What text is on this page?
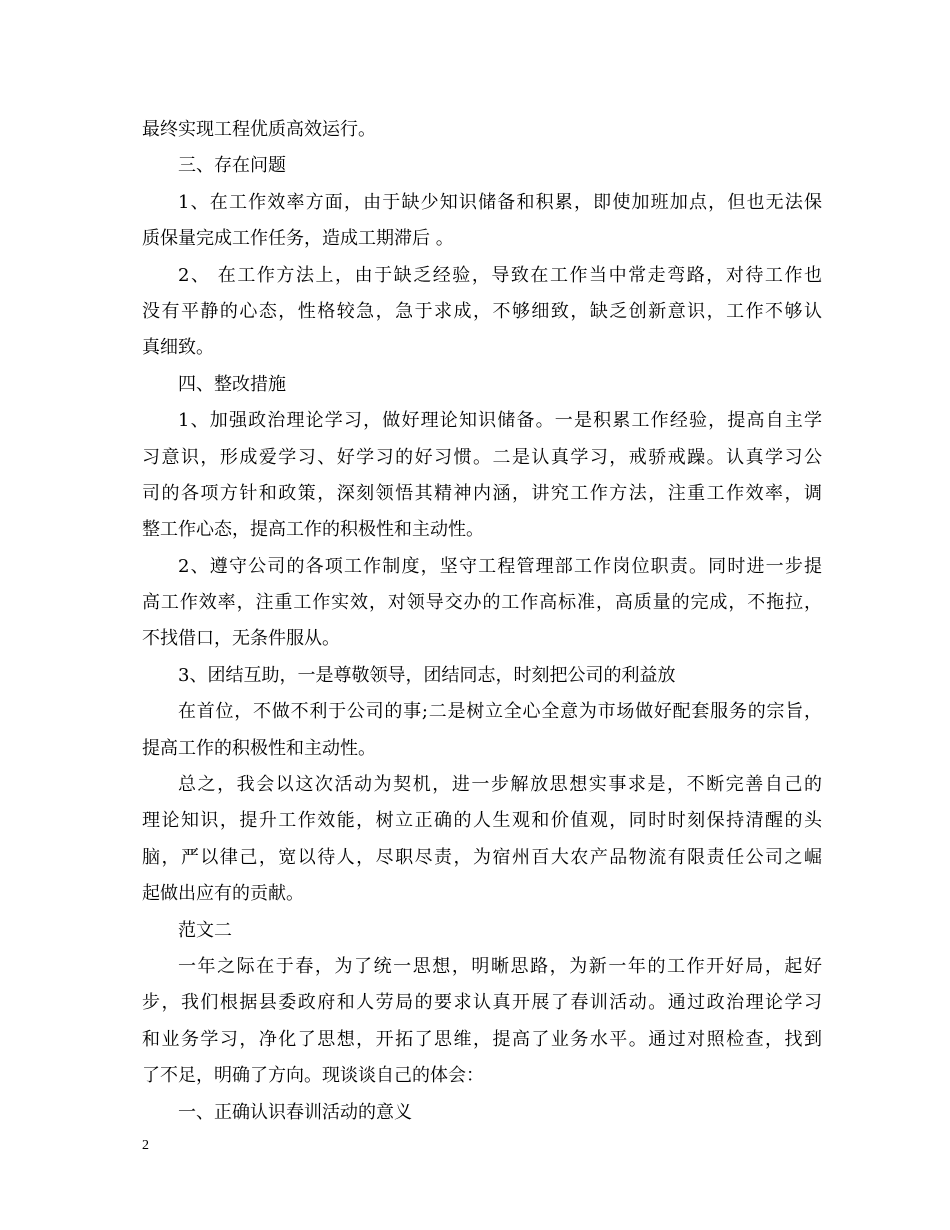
最终实现工程优质高效运行。
三、存在问题
1、在工作效率方面，由于缺少知识储备和积累，即使加班加点，但也无法保
质保量完成工作任务，造成工期滞后 。
2、 在工作方法上，由于缺乏经验，导致在工作当中常走弯路，对待工作也
没有平静的心态，性格较急，急于求成，不够细致，缺乏创新意识，工作不够认
真细致。
四、整改措施
1、加强政治理论学习，做好理论知识储备。一是积累工作经验，提高自主学
习意识，形成爱学习、好学习的好习惯。二是认真学习，戒骄戒躁。认真学习公
司的各项方针和政策，深刻领悟其精神内涵，讲究工作方法，注重工作效率，调
整工作心态，提高工作的积极性和主动性。
2、遵守公司的各项工作制度，坚守工程管理部工作岗位职责。同时进一步提
高工作效率，注重工作实效，对领导交办的工作高标准，高质量的完成，不拖拉，
不找借口，无条件服从。
3、团结互助，一是尊敬领导，团结同志，时刻把公司的利益放
在首位，不做不利于公司的事;二是树立全心全意为市场做好配套服务的宗旨，
提高工作的积极性和主动性。
总之，我会以这次活动为契机，进一步解放思想实事求是，不断完善自己的
理论知识，提升工作效能，树立正确的人生观和价值观，同时时刻保持清醒的头
脑，严以律己，宽以待人，尽职尽责，为宿州百大农产品物流有限责任公司之崛
起做出应有的贡献。
范文二
一年之际在于春，为了统一思想，明晰思路，为新一年的工作开好局，起好
步，我们根据县委政府和人劳局的要求认真开展了春训活动。通过政治理论学习
和业务学习，净化了思想，开拓了思维，提高了业务水平。通过对照检查，找到
了不足，明确了方向。现谈谈自己的体会：
一、正确认识春训活动的意义
2
